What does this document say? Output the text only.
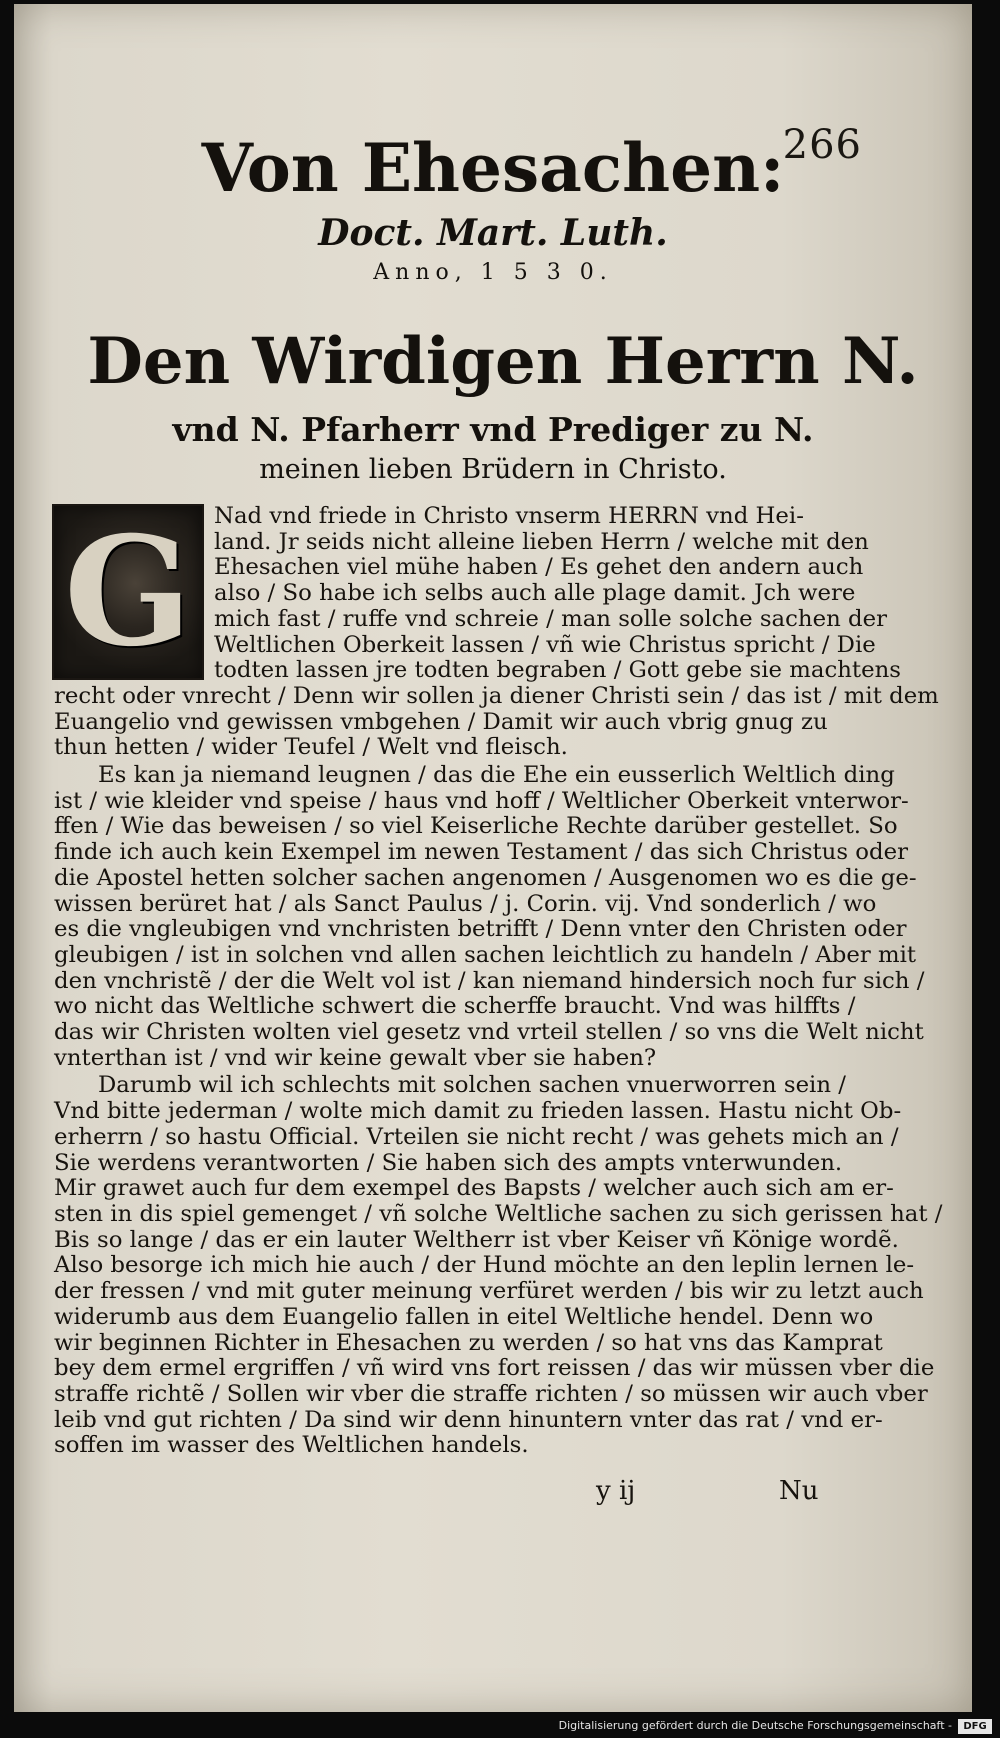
266
Von Ehesachen:
Doct. Mart. Luth.
Anno, 1 5 3 0.
Den Wirdigen Herrn N.
vnd N. Pfarherr vnd Prediger zu N.
meinen lieben Brüdern in Christo.
G Nad vnd friede in Christo vnserm HERRN vnd Hei-
land. Jr seids nicht alleine lieben Herrn / welche mit den
Ehesachen viel mühe haben / Es gehet den andern auch
also / So habe ich selbs auch alle plage damit. Jch were
mich fast / ruffe vnd schreie / man solle solche sachen der
Weltlichen Oberkeit lassen / vñ wie Christus spricht / Die
todten lassen jre todten begraben / Gott gebe sie machtens
recht oder vnrecht / Denn wir sollen ja diener Christi sein / das ist / mit dem
Euangelio vnd gewissen vmbgehen / Damit wir auch vbrig gnug zu
thun hetten / wider Teufel / Welt vnd fleisch.
Es kan ja niemand leugnen / das die Ehe ein eusserlich Weltlich ding
ist / wie kleider vnd speise / haus vnd hoff / Weltlicher Oberkeit vnterwor-
ffen / Wie das beweisen / so viel Keiserliche Rechte darüber gestellet. So
finde ich auch kein Exempel im newen Testament / das sich Christus oder
die Apostel hetten solcher sachen angenomen / Ausgenomen wo es die ge-
wissen berüret hat / als Sanct Paulus / j. Corin. vij. Vnd sonderlich / wo
es die vngleubigen vnd vnchristen betrifft / Denn vnter den Christen oder
gleubigen / ist in solchen vnd allen sachen leichtlich zu handeln / Aber mit
den vnchristẽ / der die Welt vol ist / kan niemand hindersich noch fur sich /
wo nicht das Weltliche schwert die scherffe braucht. Vnd was hilffts /
das wir Christen wolten viel gesetz vnd vrteil stellen / so vns die Welt nicht
vnterthan ist / vnd wir keine gewalt vber sie haben?
Darumb wil ich schlechts mit solchen sachen vnuerworren sein /
Vnd bitte jederman / wolte mich damit zu frieden lassen. Hastu nicht Ob-
erherrn / so hastu Official. Vrteilen sie nicht recht / was gehets mich an /
Sie werdens verantworten / Sie haben sich des ampts vnterwunden.
Mir grawet auch fur dem exempel des Bapsts / welcher auch sich am er-
sten in dis spiel gemenget / vñ solche Weltliche sachen zu sich gerissen hat /
Bis so lange / das er ein lauter Weltherr ist vber Keiser vñ Könige wordẽ.
Also besorge ich mich hie auch / der Hund möchte an den leplin lernen le-
der fressen / vnd mit guter meinung verfüret werden / bis wir zu letzt auch
widerumb aus dem Euangelio fallen in eitel Weltliche hendel. Denn wo
wir beginnen Richter in Ehesachen zu werden / so hat vns das Kamprat
bey dem ermel ergriffen / vñ wird vns fort reissen / das wir müssen vber die
straffe richtẽ / Sollen wir vber die straffe richten / so müssen wir auch vber
leib vnd gut richten / Da sind wir denn hinuntern vnter das rat / vnd er-
soffen im wasser des Weltlichen handels.
y ij	Nu
Digitalisierung gefördert durch die Deutsche Forschungsgemeinschaft -	DFG
